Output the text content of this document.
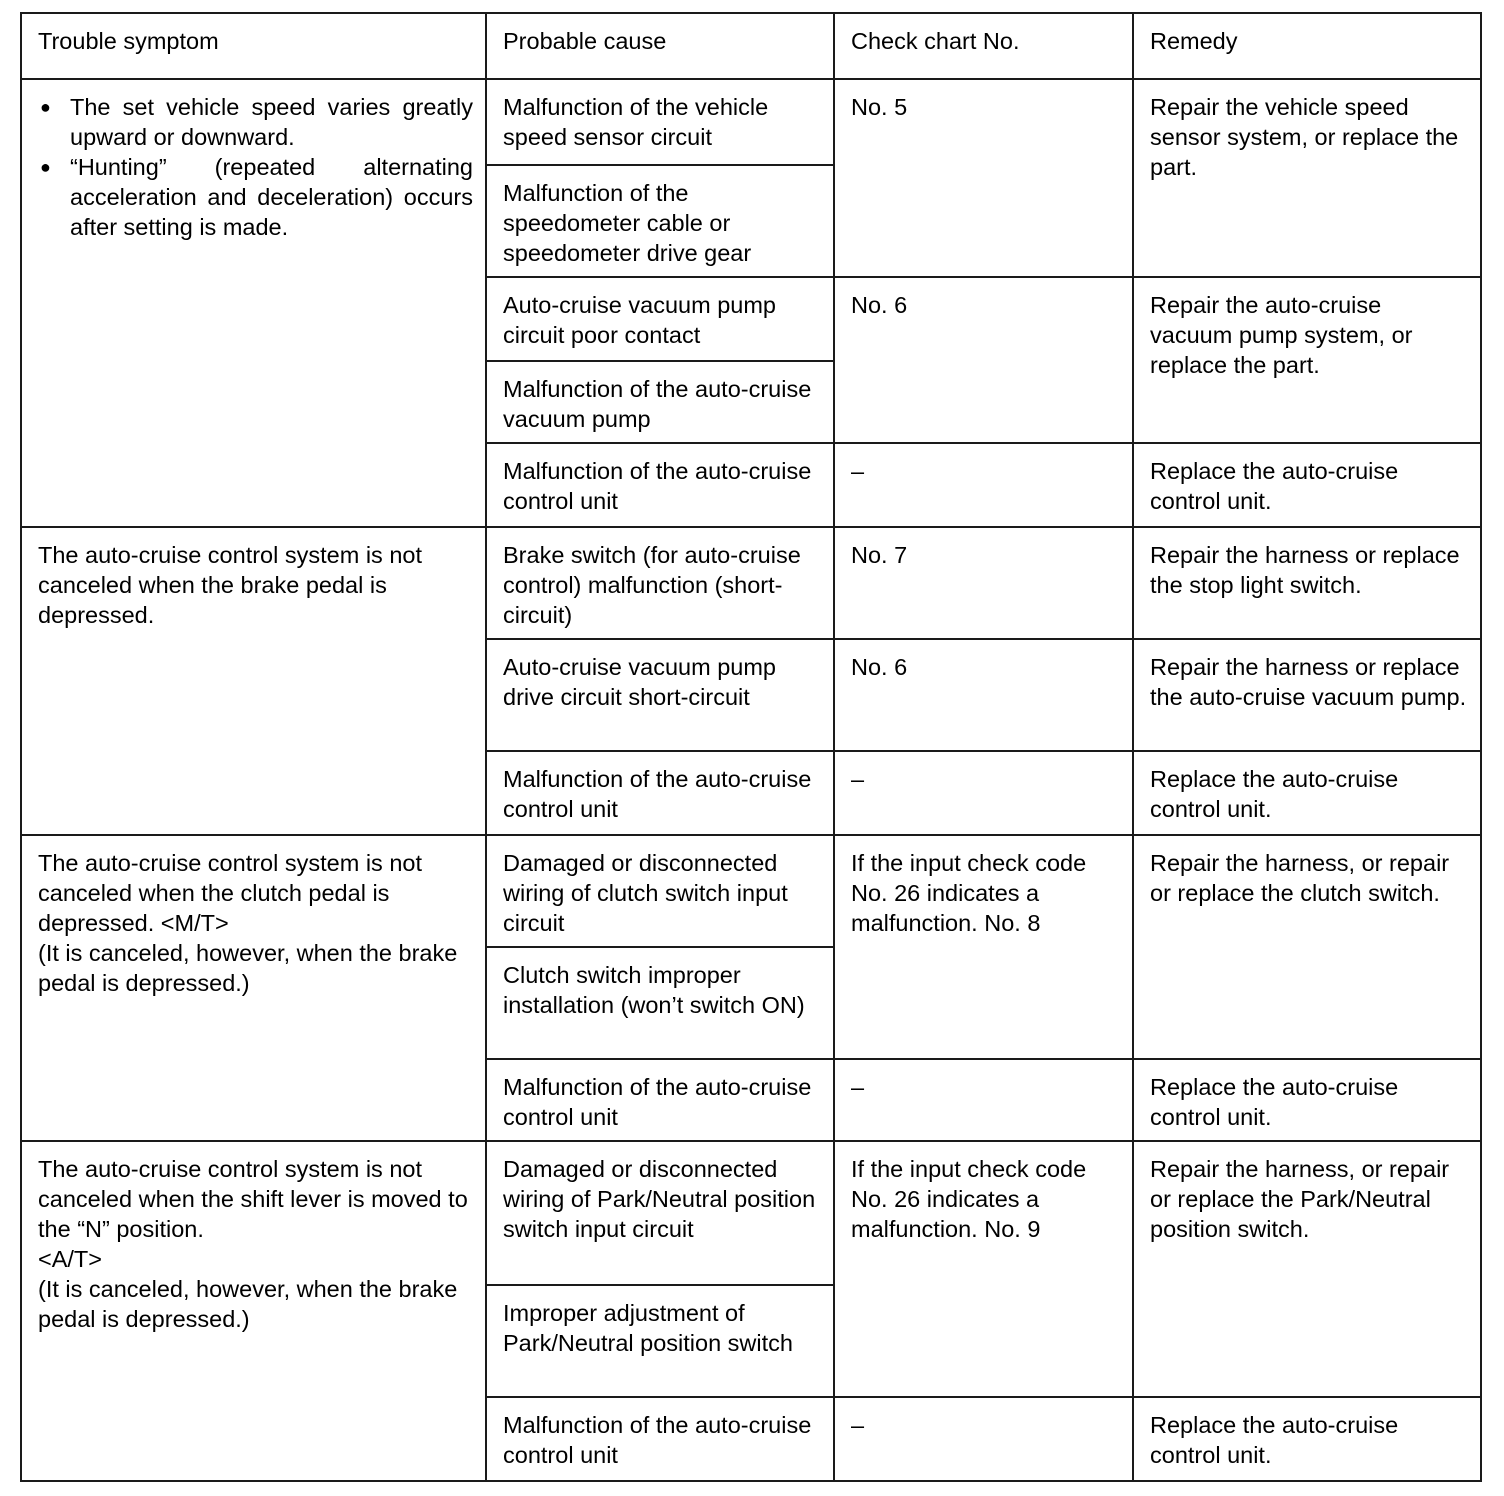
Trouble symptom	Probable cause	Check chart No.	Remedy

● The set vehicle speed varies greatly upward or downward.
● “Hunting” (repeated alternating acceleration and deceleration) occurs after setting is made.	Malfunction of the vehicle speed sensor circuit	No. 5	Repair the vehicle speed sensor system, or replace the part.
	Malfunction of the speedometer cable or speedometer drive gear		
	Auto-cruise vacuum pump circuit poor contact	No. 6	Repair the auto-cruise vacuum pump system, or replace the part.
	Malfunction of the auto-cruise vacuum pump		
	Malfunction of the auto-cruise control unit	–	Replace the auto-cruise control unit.
The auto-cruise control system is not canceled when the brake pedal is depressed.	Brake switch (for auto-cruise control) malfunction (short-circuit)	No. 7	Repair the harness or replace the stop light switch.
	Auto-cruise vacuum pump drive circuit short-circuit	No. 6	Repair the harness or replace the auto-cruise vacuum pump.
	Malfunction of the auto-cruise control unit	–	Replace the auto-cruise control unit.

The auto-cruise control system is not canceled when the clutch pedal is depressed. <M/T>

(It is canceled, however, when the brake pedal is depressed.)	Damaged or disconnected wiring of clutch switch input circuit	If the input check code No. 26 indicates a malfunction. No. 8	Repair the harness, or repair or replace the clutch switch.
	Clutch switch improper installation (won’t switch ON)		
	Malfunction of the auto-cruise control unit	–	Replace the auto-cruise control unit.

The auto-cruise control system is not canceled when the shift lever is moved to the “N” position.

<A/T>

(It is canceled, however, when the brake pedal is depressed.)	Damaged or disconnected wiring of Park/Neutral position switch input circuit	If the input check code No. 26 indicates a malfunction. No. 9	Repair the harness, or repair or replace the Park/Neutral position switch.
	Improper adjustment of Park/Neutral position switch		
	Malfunction of the auto-cruise control unit	–	Replace the auto-cruise control unit.
